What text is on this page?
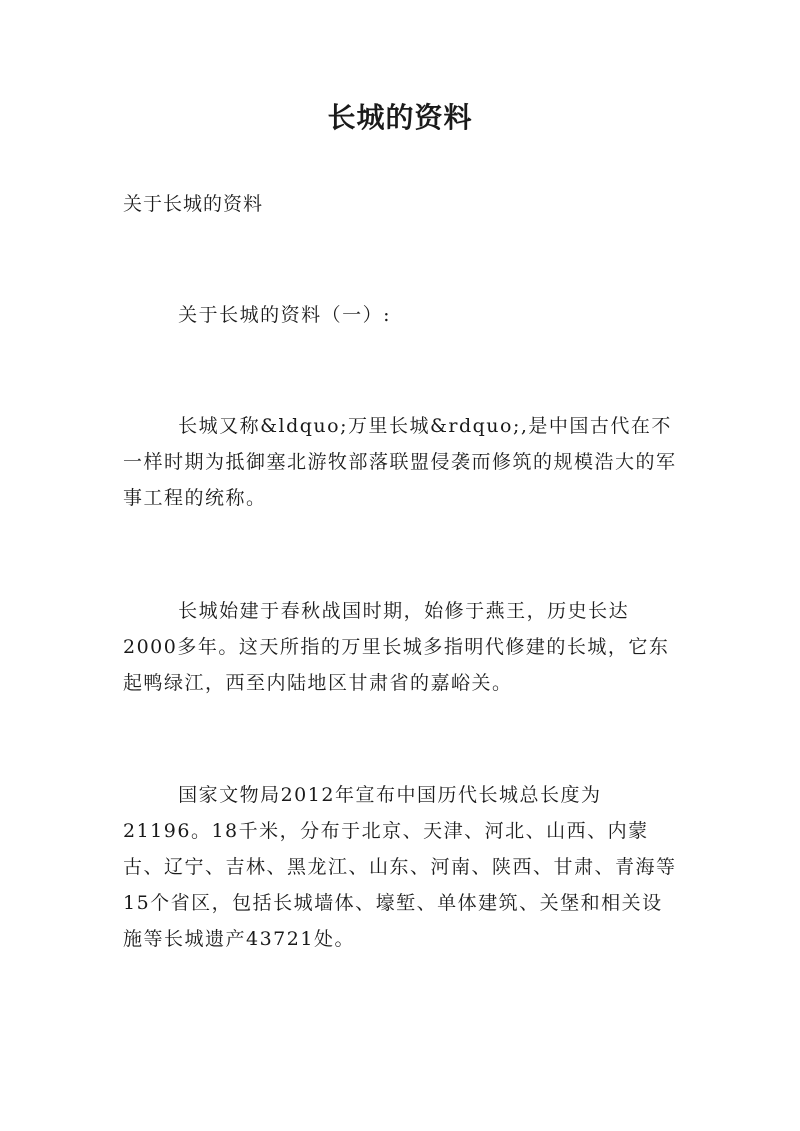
长城的资料

关于长城的资料

关于长城的资料（一）:

长城又称&ldquo;万里长城&rdquo;,是中国古代在不一样时期为抵御塞北游牧部落联盟侵袭而修筑的规模浩大的军事工程的统称。

长城始建于春秋战国时期，始修于燕王，历史长达2000多年。这天所指的万里长城多指明代修建的长城，它东起鸭绿江，西至内陆地区甘肃省的嘉峪关。

国家文物局2012年宣布中国历代长城总长度为21196。18千米，分布于北京、天津、河北、山西、内蒙古、辽宁、吉林、黑龙江、山东、河南、陕西、甘肃、青海等15个省区，包括长城墙体、壕堑、单体建筑、关堡和相关设施等长城遗产43721处。
